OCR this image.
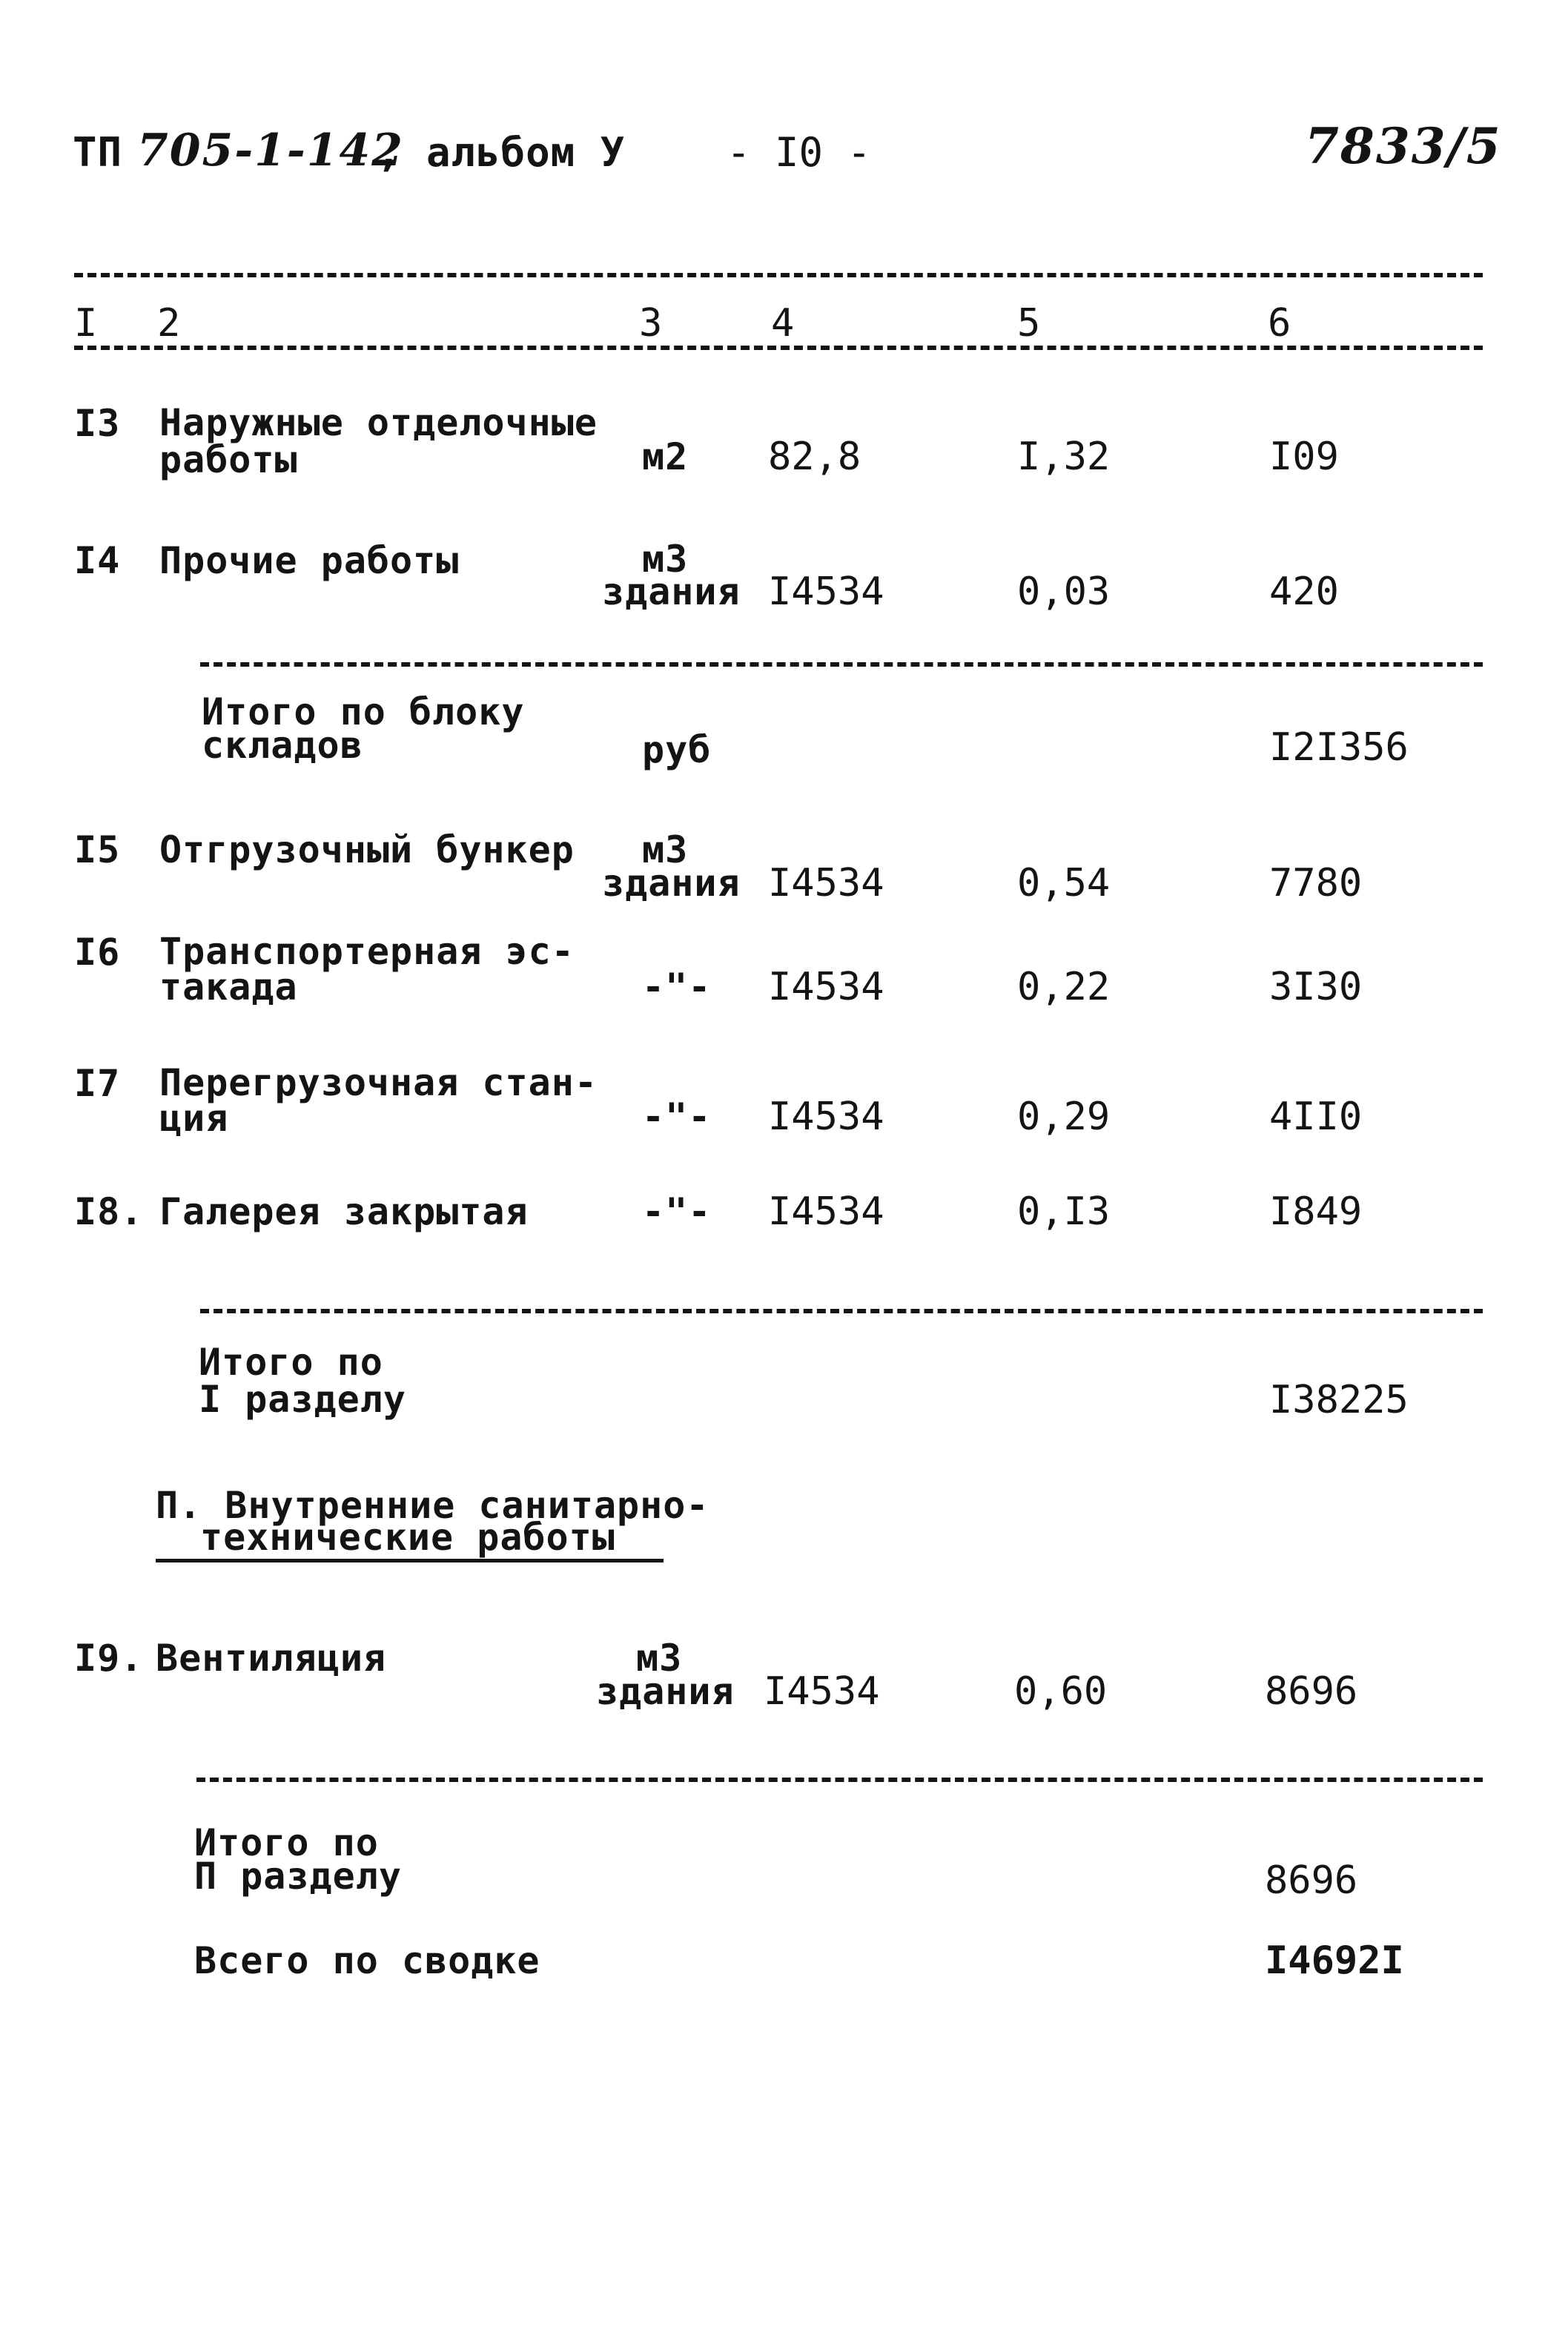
ТП 705-1-142
, альбом У	- I0 -	7833/5
I 2	3	4	5	6
I3 Наружные отделочные
работы	м2 82,8	I,32	I09
I4 Прочие работы	м3
здания I4534	0,03	420
Итого по блоку
складов	руб	I2I356
I5 Отгрузочный бункер м3
здания I4534	0,54	7780
I6 Транспортерная эс-
такада	-"- I4534	0,22	3I30
I7 Перегрузочная стан-
ция	-"- I4534	0,29	4II0
I8. Галерея закрытая	-"- I4534	0,I3	I849
Итого по
I разделу	I38225
П. Внутренние санитарно-
технические работы
I9. Вентиляция	м3
здания I4534	0,60	8696
Итого по
П разделу	8696
Всего по сводке	I4692I
